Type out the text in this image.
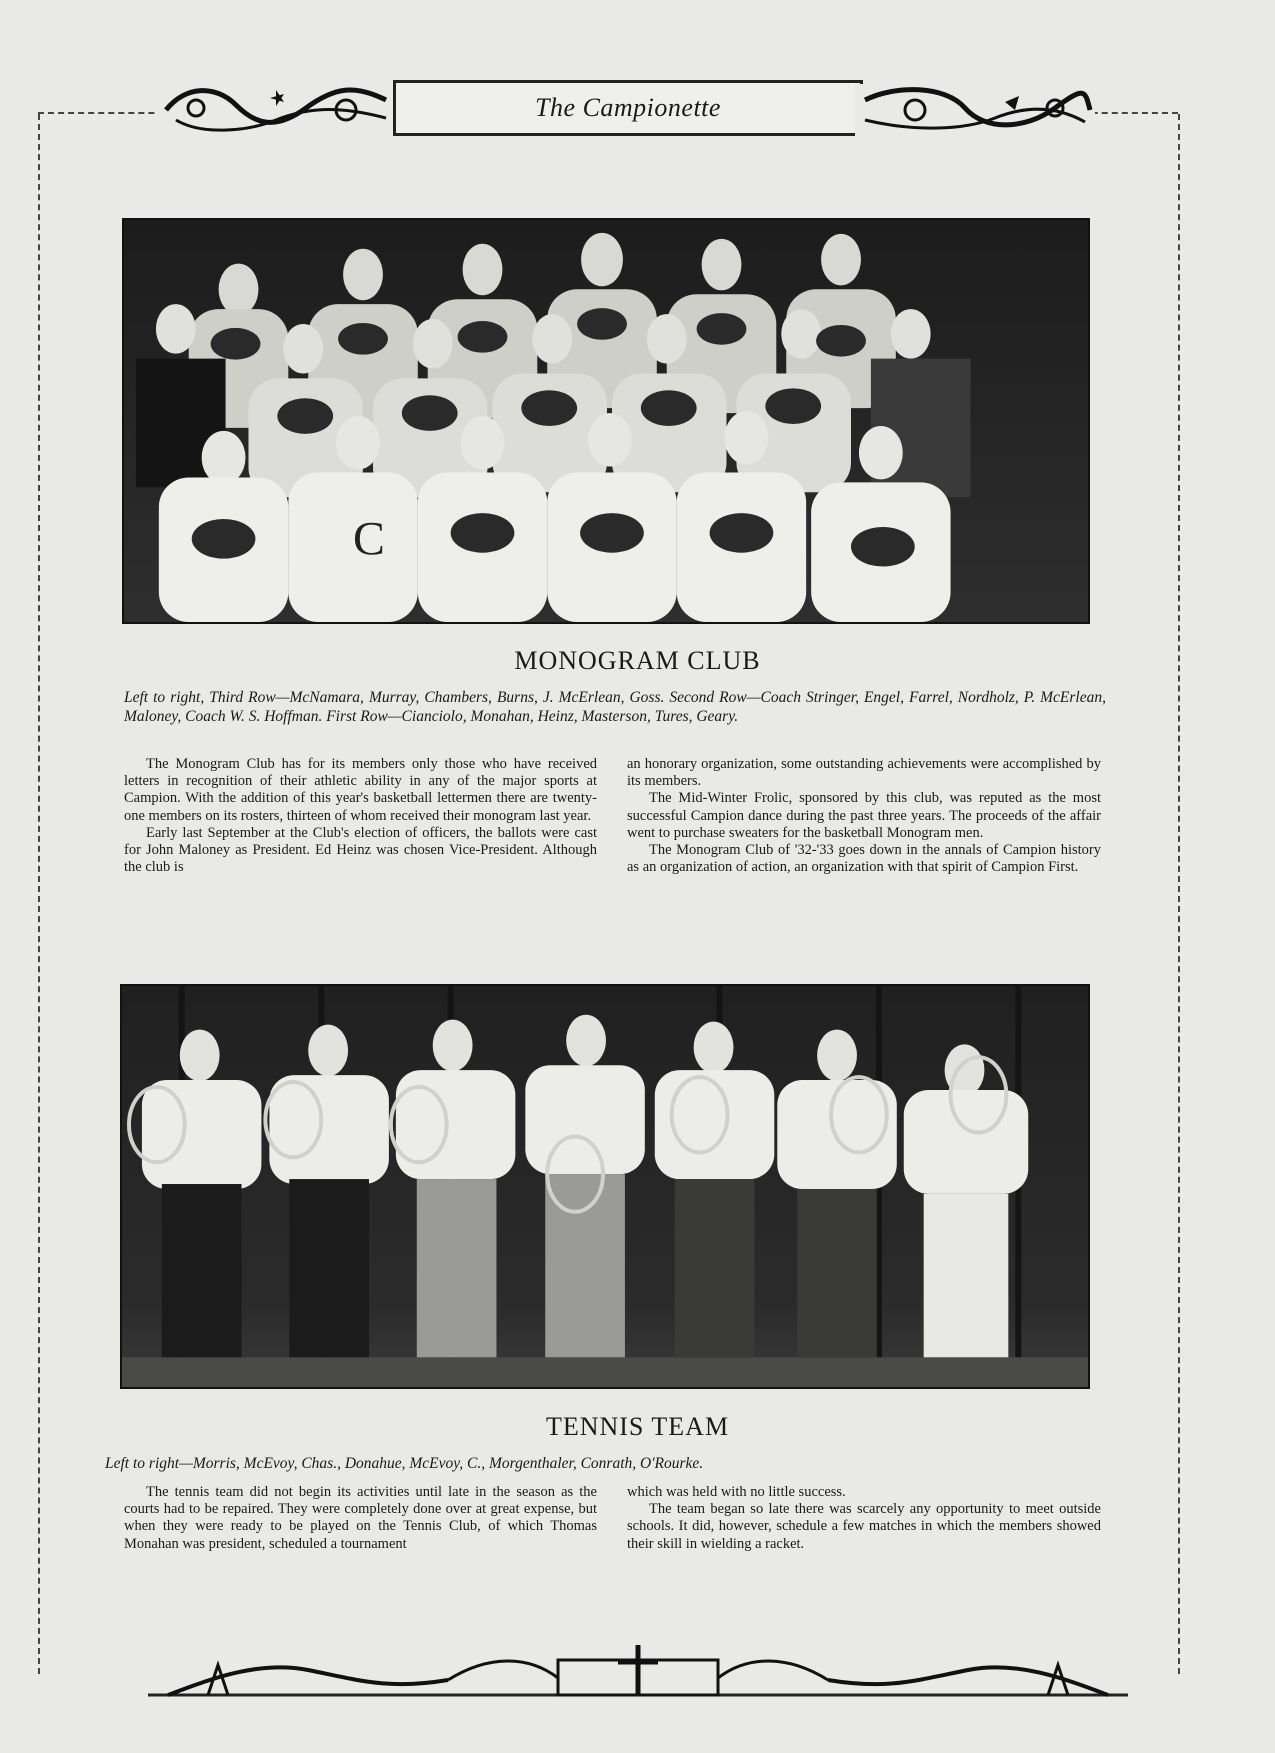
The Campionette
C
MONOGRAM CLUB
Left to right, Third Row—McNamara, Murray, Chambers, Burns, J. McErlean, Goss. Second Row—Coach Stringer, Engel, Farrel, Nordholz, P. McErlean, Maloney, Coach W. S. Hoffman. First Row—Cianciolo, Monahan, Heinz, Masterson, Tures, Geary.

The Monogram Club has for its members only those who have received letters in recognition of their athletic ability in any of the major sports at Campion. With the addition of this year's basketball lettermen there are twenty-one members on its rosters, thirteen of whom received their monogram last year.

Early last September at the Club's election of officers, the ballots were cast for John Maloney as President. Ed Heinz was chosen Vice-President. Although the club is

an honorary organization, some outstanding achievements were accomplished by its members.

The Mid-Winter Frolic, sponsored by this club, was reputed as the most successful Campion dance during the past three years. The proceeds of the affair went to purchase sweaters for the basketball Monogram men.

The Monogram Club of '32-'33 goes down in the annals of Campion history as an organization of action, an organization with that spirit of Campion First.

TENNIS TEAM
Left to right—Morris, McEvoy, Chas., Donahue, McEvoy, C., Morgenthaler, Conrath, O'Rourke.

The tennis team did not begin its activities until late in the season as the courts had to be repaired. They were completely done over at great expense, but when they were ready to be played on the Tennis Club, of which Thomas Monahan was president, scheduled a tournament

which was held with no little success.

The team began so late there was scarcely any opportunity to meet outside schools. It did, however, schedule a few matches in which the members showed their skill in wielding a racket.
